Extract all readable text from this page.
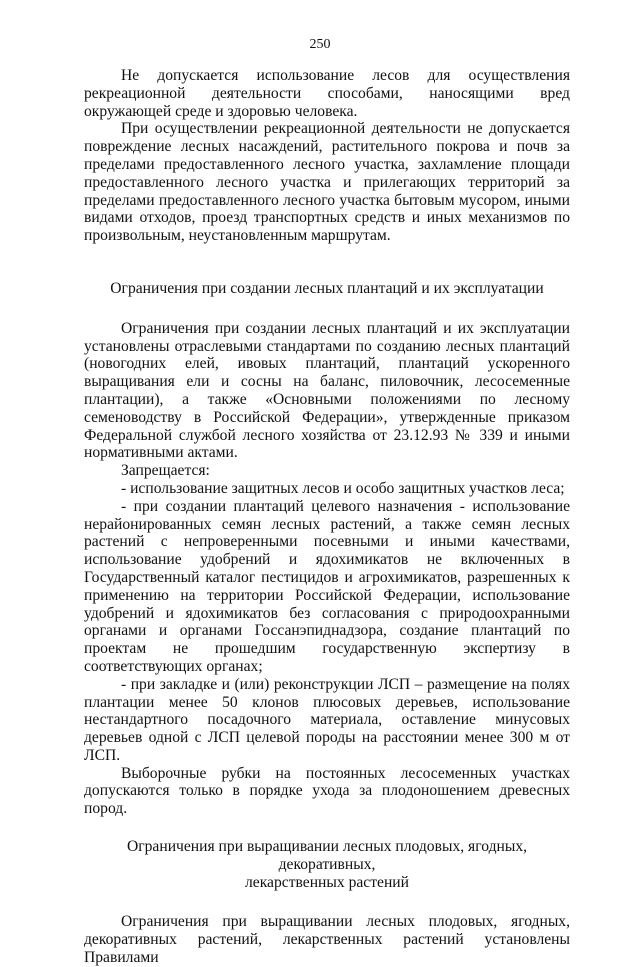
250

Не допускается использование лесов для осуществления рекреационной деятельности способами, наносящими вред окружающей среде и здоровью человека.

При осуществлении рекреационной деятельности не допускается повреждение лесных насаждений, растительного покрова и почв за пределами предоставленного лесного участка, захламление площади предоставленного лесного участка и прилегающих территорий за пределами предоставленного лесного участка бытовым мусором, иными видами отходов, проезд транспортных средств и иных механизмов по произвольным, неустановленным маршрутам.

Ограничения при создании лесных плантаций и их эксплуатации

Ограничения при создании лесных плантаций и их эксплуатации установлены отраслевыми стандартами по созданию лесных плантаций (новогодних елей, ивовых плантаций, плантаций ускоренного выращивания ели и сосны на баланс, пиловочник, лесосеменные плантации), а также «Основными положениями по лесному семеноводству в Российской Федерации», утвержденные приказом Федеральной службой лесного хозяйства от 23.12.93 № 339 и иными нормативными актами.

Запрещается:

- использование защитных лесов и особо защитных участков леса;

- при создании плантаций целевого назначения - использование нерайонированных семян лесных растений, а также семян лесных растений с непроверенными посевными и иными качествами, использование удобрений и ядохимикатов не включенных в Государственный каталог пестицидов и агрохимикатов, разрешенных к применению на территории Российской Федерации, использование удобрений и ядохимикатов без согласования с природоохранными органами и органами Госсанэпиднадзора, создание плантаций по проектам не прошедшим государственную экспертизу в соответствующих органах;

- при закладке и (или) реконструкции ЛСП – размещение на полях плантации менее 50 клонов плюсовых деревьев, использование нестандартного посадочного материала, оставление минусовых деревьев одной с ЛСП целевой породы на расстоянии менее 300 м от ЛСП.

Выборочные рубки на постоянных лесосеменных участках допускаются только в порядке ухода за плодоношением древесных пород.

Ограничения при выращивании лесных плодовых, ягодных, декоративных,

лекарственных растений

Ограничения при выращивании лесных плодовых, ягодных, декоративных растений, лекарственных растений установлены Правилами
